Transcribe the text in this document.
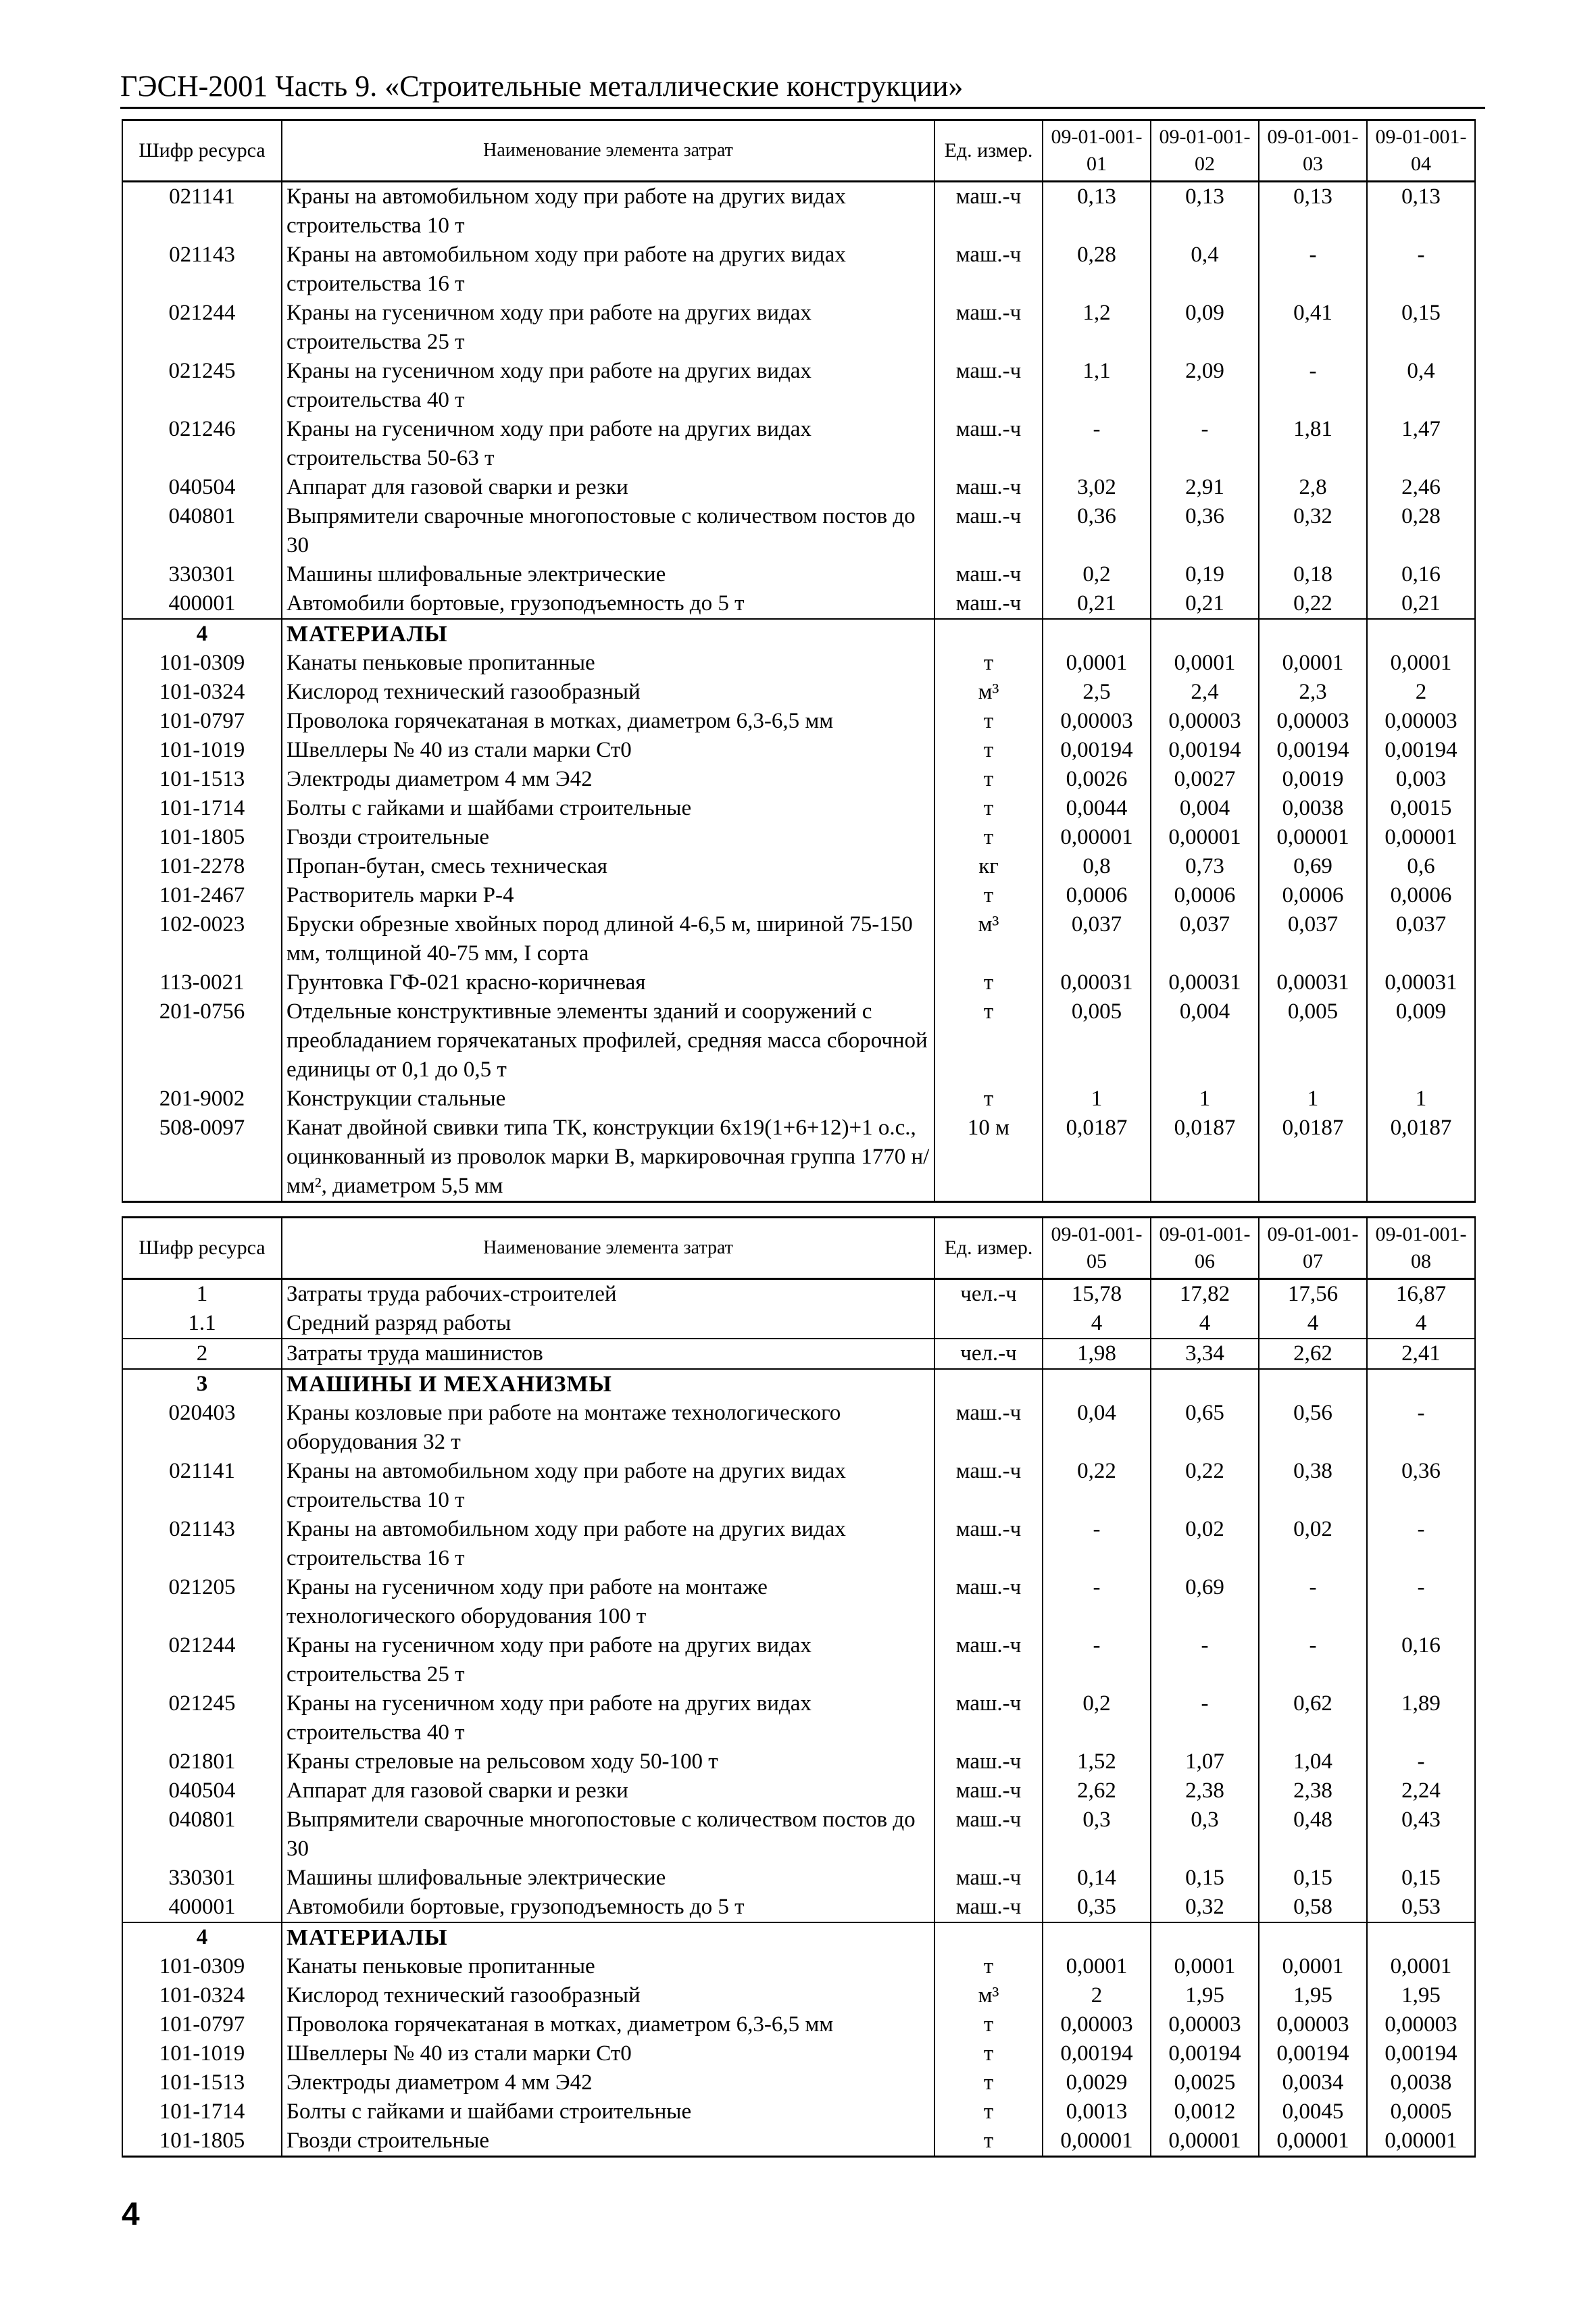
ГЭСН-2001 Часть 9. «Строительные металлические конструкции»
Шифр ресурса	Наименование элемента затрат	Ед. измер.	09-01-001-01	09-01-001-02	09-01-001-03	09-01-001-04
021141	Краны на автомобильном ходу при работе на других видах строительства 10 т	маш.-ч	0,13	0,13	0,13	0,13
021143	Краны на автомобильном ходу при работе на других видах строительства 16 т	маш.-ч	0,28	0,4	-	-
021244	Краны на гусеничном ходу при работе на других видах строительства 25 т	маш.-ч	1,2	0,09	0,41	0,15
021245	Краны на гусеничном ходу при работе на других видах строительства 40 т	маш.-ч	1,1	2,09	-	0,4
021246	Краны на гусеничном ходу при работе на других видах строительства 50-63 т	маш.-ч	-	-	1,81	1,47
040504	Аппарат для газовой сварки и резки	маш.-ч	3,02	2,91	2,8	2,46
040801	Выпрямители сварочные многопостовые с количеством постов до 30	маш.-ч	0,36	0,36	0,32	0,28
330301	Машины шлифовальные электрические	маш.-ч	0,2	0,19	0,18	0,16
400001	Автомобили бортовые, грузоподъемность до 5 т	маш.-ч	0,21	0,21	0,22	0,21
4	МАТЕРИАЛЫ					
101-0309	Канаты пеньковые пропитанные	т	0,0001	0,0001	0,0001	0,0001
101-0324	Кислород технический газообразный	м³	2,5	2,4	2,3	2
101-0797	Проволока горячекатаная в мотках, диаметром 6,3-6,5 мм	т	0,00003	0,00003	0,00003	0,00003
101-1019	Швеллеры № 40 из стали марки Ст0	т	0,00194	0,00194	0,00194	0,00194
101-1513	Электроды диаметром 4 мм Э42	т	0,0026	0,0027	0,0019	0,003
101-1714	Болты с гайками и шайбами строительные	т	0,0044	0,004	0,0038	0,0015
101-1805	Гвозди строительные	т	0,00001	0,00001	0,00001	0,00001
101-2278	Пропан-бутан, смесь техническая	кг	0,8	0,73	0,69	0,6
101-2467	Растворитель марки Р-4	т	0,0006	0,0006	0,0006	0,0006
102-0023	Бруски обрезные хвойных пород длиной 4-6,5 м, шириной 75-150 мм, толщиной 40-75 мм, I сорта	м³	0,037	0,037	0,037	0,037
113-0021	Грунтовка ГФ-021 красно-коричневая	т	0,00031	0,00031	0,00031	0,00031
201-0756	Отдельные конструктивные элементы зданий и сооружений с преобладанием горячекатаных профилей, средняя масса сборочной единицы от 0,1 до 0,5 т	т	0,005	0,004	0,005	0,009
201-9002	Конструкции стальные	т	1	1	1	1
508-0097	Канат двойной свивки типа ТК, конструкции 6х19(1+6+12)+1 о.с., оцинкованный из проволок марки В, маркировочная группа 1770 н/мм², диаметром 5,5 мм	10 м	0,0187	0,0187	0,0187	0,0187
Шифр ресурса	Наименование элемента затрат	Ед. измер.	09-01-001-05	09-01-001-06	09-01-001-07	09-01-001-08
1	Затраты труда рабочих-строителей	чел.-ч	15,78	17,82	17,56	16,87
1.1	Средний разряд работы		4	4	4	4
2	Затраты труда машинистов	чел.-ч	1,98	3,34	2,62	2,41
3	МАШИНЫ И МЕХАНИЗМЫ					
020403	Краны козловые при работе на монтаже технологического оборудования 32 т	маш.-ч	0,04	0,65	0,56	-
021141	Краны на автомобильном ходу при работе на других видах строительства 10 т	маш.-ч	0,22	0,22	0,38	0,36
021143	Краны на автомобильном ходу при работе на других видах строительства 16 т	маш.-ч	-	0,02	0,02	-
021205	Краны на гусеничном ходу при работе на монтаже технологического оборудования 100 т	маш.-ч	-	0,69	-	-
021244	Краны на гусеничном ходу при работе на других видах строительства 25 т	маш.-ч	-	-	-	0,16
021245	Краны на гусеничном ходу при работе на других видах строительства 40 т	маш.-ч	0,2	-	0,62	1,89
021801	Краны стреловые на рельсовом ходу 50-100 т	маш.-ч	1,52	1,07	1,04	-
040504	Аппарат для газовой сварки и резки	маш.-ч	2,62	2,38	2,38	2,24
040801	Выпрямители сварочные многопостовые с количеством постов до 30	маш.-ч	0,3	0,3	0,48	0,43
330301	Машины шлифовальные электрические	маш.-ч	0,14	0,15	0,15	0,15
400001	Автомобили бортовые, грузоподъемность до 5 т	маш.-ч	0,35	0,32	0,58	0,53
4	МАТЕРИАЛЫ					
101-0309	Канаты пеньковые пропитанные	т	0,0001	0,0001	0,0001	0,0001
101-0324	Кислород технический газообразный	м³	2	1,95	1,95	1,95
101-0797	Проволока горячекатаная в мотках, диаметром 6,3-6,5 мм	т	0,00003	0,00003	0,00003	0,00003
101-1019	Швеллеры № 40 из стали марки Ст0	т	0,00194	0,00194	0,00194	0,00194
101-1513	Электроды диаметром 4 мм Э42	т	0,0029	0,0025	0,0034	0,0038
101-1714	Болты с гайками и шайбами строительные	т	0,0013	0,0012	0,0045	0,0005
101-1805	Гвозди строительные	т	0,00001	0,00001	0,00001	0,00001
4
